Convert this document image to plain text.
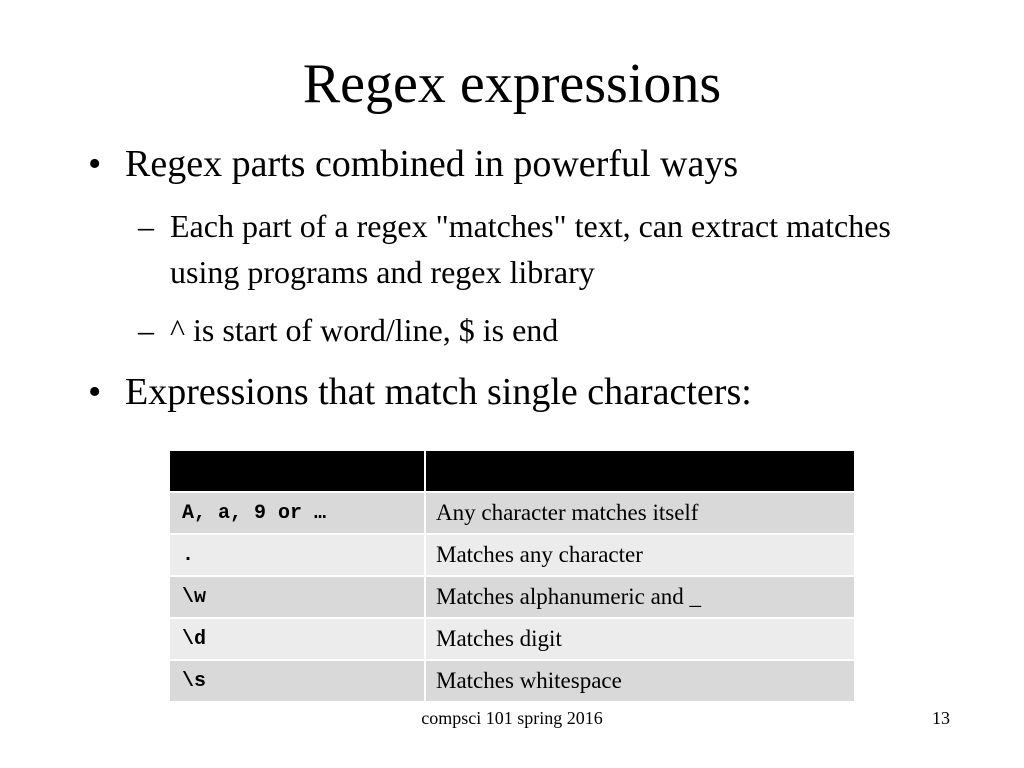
Regex expressions
• Regex parts combined in powerful ways
– Each part of a regex "matches" text, can extract matches using programs and regex library
– ^ is start of word/line, $ is end
• Expressions that match single characters:
A, a, 9 or …	Any character matches itself
.	Matches any character
\w	Matches alphanumeric and _
\d	Matches digit
\s	Matches whitespace
compsci 101 spring 2016	13
